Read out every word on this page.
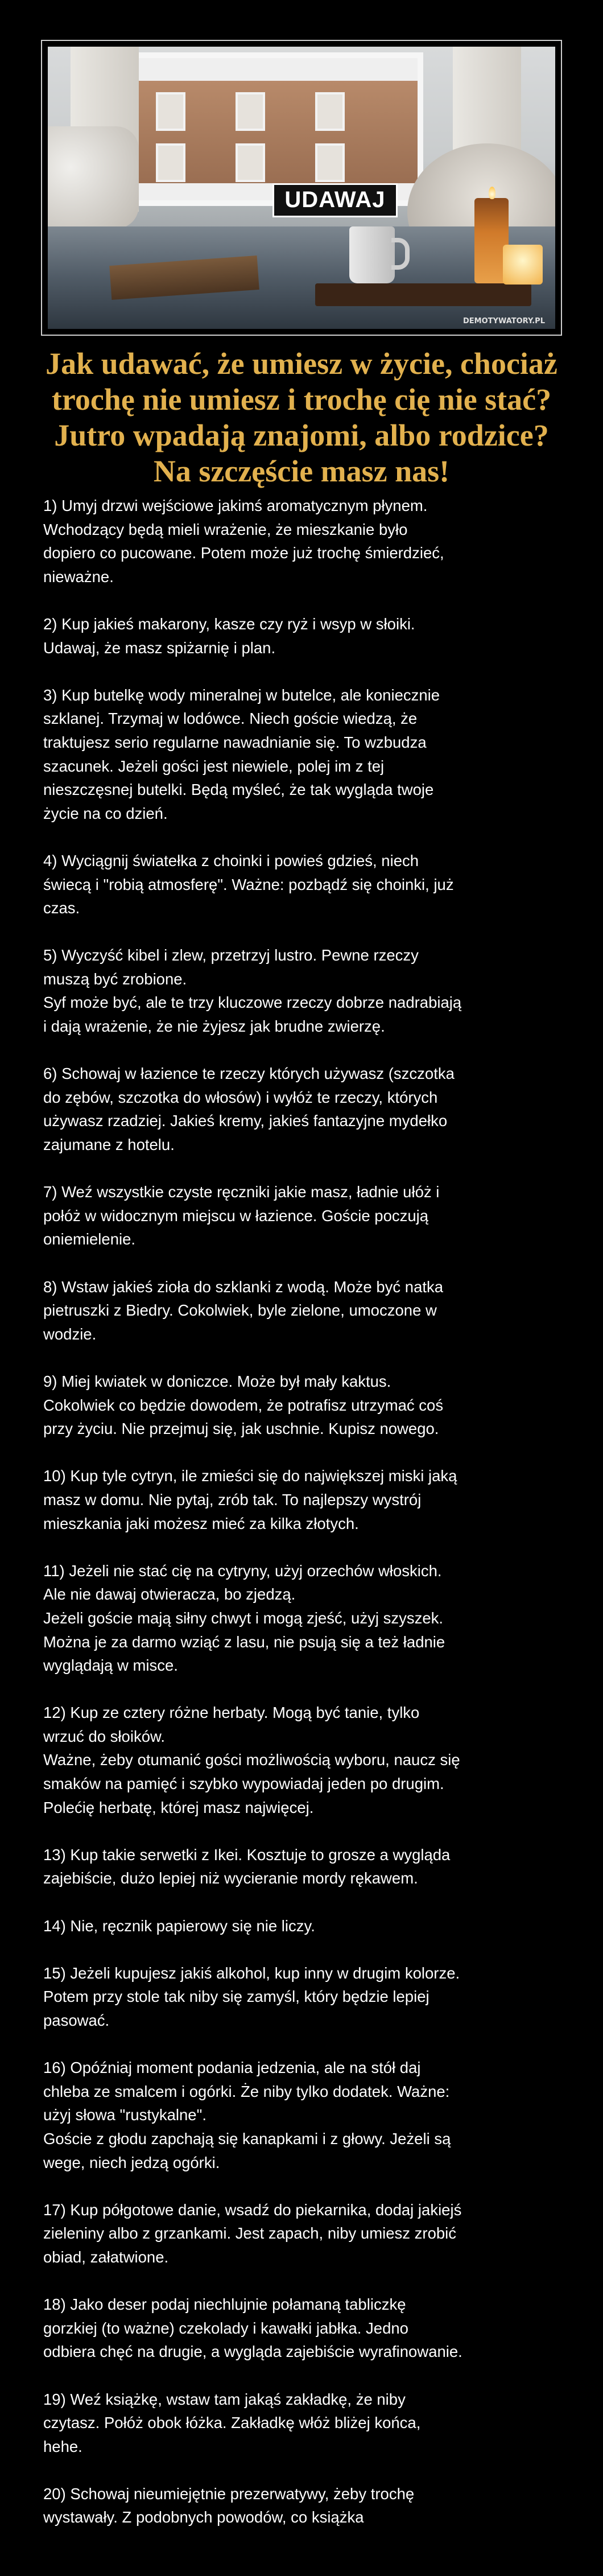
UDAWAJ
DEMOTYWATORY.PL
Jak udawać, że umiesz w życie, chociaż
trochę nie umiesz i trochę cię nie stać?
Jutro wpadają znajomi, albo rodzice?
Na szczęście masz nas!

1) Umyj drzwi wejściowe jakimś aromatycznym płynem.
Wchodzący będą mieli wrażenie, że mieszkanie było
dopiero co pucowane. Potem może już trochę śmierdzieć,
nieważne.

2) Kup jakieś makarony, kasze czy ryż i wsyp w słoiki.
Udawaj, że masz spiżarnię i plan.

3) Kup butelkę wody mineralnej w butelce, ale koniecznie
szklanej. Trzymaj w lodówce. Niech goście wiedzą, że
traktujesz serio regularne nawadnianie się. To wzbudza
szacunek. Jeżeli gości jest niewiele, polej im z tej
nieszczęsnej butelki. Będą myśleć, że tak wygląda twoje
życie na co dzień.

4) Wyciągnij światełka z choinki i powieś gdzieś, niech
świecą i "robią atmosferę". Ważne: pozbądź się choinki, już
czas.

5) Wyczyść kibel i zlew, przetrzyj lustro. Pewne rzeczy
muszą być zrobione.
Syf może być, ale te trzy kluczowe rzeczy dobrze nadrabiają
i dają wrażenie, że nie żyjesz jak brudne zwierzę.

6) Schowaj w łazience te rzeczy których używasz (szczotka
do zębów, szczotka do włosów) i wyłóż te rzeczy, których
używasz rzadziej. Jakieś kremy, jakieś fantazyjne mydełko
zajumane z hotelu.

7) Weź wszystkie czyste ręczniki jakie masz, ładnie ułóż i
połóż w widocznym miejscu w łazience. Goście poczują
oniemielenie.

8) Wstaw jakieś zioła do szklanki z wodą. Może być natka
pietruszki z Biedry. Cokolwiek, byle zielone, umoczone w
wodzie.

9) Miej kwiatek w doniczce. Może był mały kaktus.
Cokolwiek co będzie dowodem, że potrafisz utrzymać coś
przy życiu. Nie przejmuj się, jak uschnie. Kupisz nowego.

10) Kup tyle cytryn, ile zmieści się do największej miski jaką
masz w domu. Nie pytaj, zrób tak. To najlepszy wystrój
mieszkania jaki możesz mieć za kilka złotych.

11) Jeżeli nie stać cię na cytryny, użyj orzechów włoskich.
Ale nie dawaj otwieracza, bo zjedzą.
Jeżeli goście mają siłny chwyt i mogą zjeść, użyj szyszek.
Można je za darmo wziąć z lasu, nie psują się a też ładnie
wyglądają w misce.

12) Kup ze cztery różne herbaty. Mogą być tanie, tylko
wrzuć do słoików.
Ważne, żeby otumanić gości możliwością wyboru, naucz się
smaków na pamięć i szybko wypowiadaj jeden po drugim.
Polećię herbatę, której masz najwięcej.

13) Kup takie serwetki z Ikei. Kosztuje to grosze a wygląda
zajebiście, dużo lepiej niż wycieranie mordy rękawem.

14) Nie, ręcznik papierowy się nie liczy.

15) Jeżeli kupujesz jakiś alkohol, kup inny w drugim kolorze.
Potem przy stole tak niby się zamyśl, który będzie lepiej
pasować.

16) Opóźniaj moment podania jedzenia, ale na stół daj
chleba ze smalcem i ogórki. Że niby tylko dodatek. Ważne:
użyj słowa "rustykalne".
Goście z głodu zapchają się kanapkami i z głowy. Jeżeli są
wege, niech jedzą ogórki.

17) Kup półgotowe danie, wsadź do piekarnika, dodaj jakiejś
zieleniny albo z grzankami. Jest zapach, niby umiesz zrobić
obiad, załatwione.

18) Jako deser podaj niechlujnie połamaną tabliczkę
gorzkiej (to ważne) czekolady i kawałki jabłka. Jedno
odbiera chęć na drugie, a wygląda zajebiście wyrafinowanie.

19) Weź książkę, wstaw tam jakąś zakładkę, że niby
czytasz. Połóż obok łóżka. Zakładkę włóż bliżej końca,
hehe.

20) Schowaj nieumiejętnie prezerwatywy, żeby trochę
wystawały. Z podobnych powodów, co książka
